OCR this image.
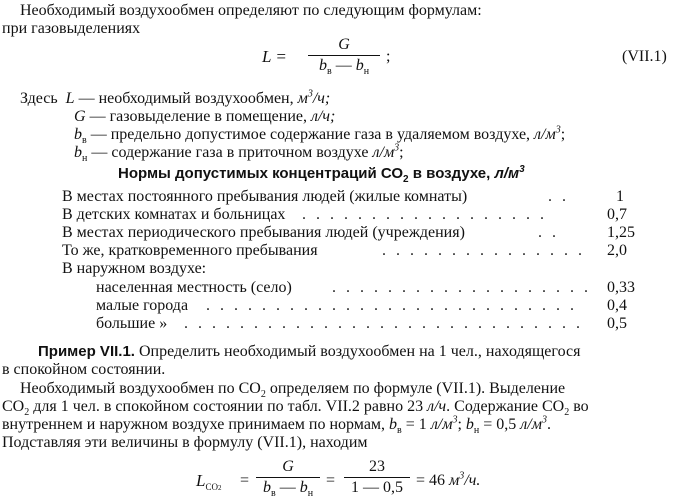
Необходимый воздухообмен определяют по следующим формулам:
при газовыделениях
L =
G
$b_в$ — $b_н$
;	(VII.1)
Здесь L — необходимый воздухообмен, $м^3/ч$;
G — газовыделение в помещение, л/ч;
$b_в$ — предельно допустимое содержание газа в удаляемом воздухе, $л/м^3$;
$b_н$ — содержание газа в приточном воздухе $л/м^3$;
Нормы допустимых концентраций $СО_2$ в воздухе, $л/м^3$
В местах постоянного пребывания людей (жилые комнаты)	. .	1
В детских комнатах и больницах . . . . . . . . . . . . . . . . . .	0,7
В местах периодического пребывания людей (учреждения)	. .	1,25
То же, кратковременного пребывания	. . . . . . . . . . . . . . . 2,0
В наружном воздухе:
населенная местность (село)	. . . . . . . . . . . . . . . . . . . 0,33
малые города . . . . . . . . . . . . . . . . . . . . . . . . . . . 0,4
большие » . . . . . . . . . . . . . . . . . . . . . . . . . . . . . 0,5
Пример VII.1. Определить необходимый воздухообмен на 1 чел., находящегося
в спокойном состоянии.
Необходимый воздухообмен по $СО_2$ определяем по формуле (VII.1). Выделение
$СО_2$ для 1 чел. в спокойном состоянии по табл. VII.2 равно 23 л/ч. Содержание $СО_2$ во
внутреннем и наружном воздухе принимаем по нормам, $b_в = 1$ $л/м^3$; $b_н = 0,5$ $л/м^3$.
Подставляя эти величины в формулу (VII.1), находим
$L_{CO2}$ =
G
$b_в$ — $b_н$
=
23
1 — 0,5 = 46 $м^3/ч$.
